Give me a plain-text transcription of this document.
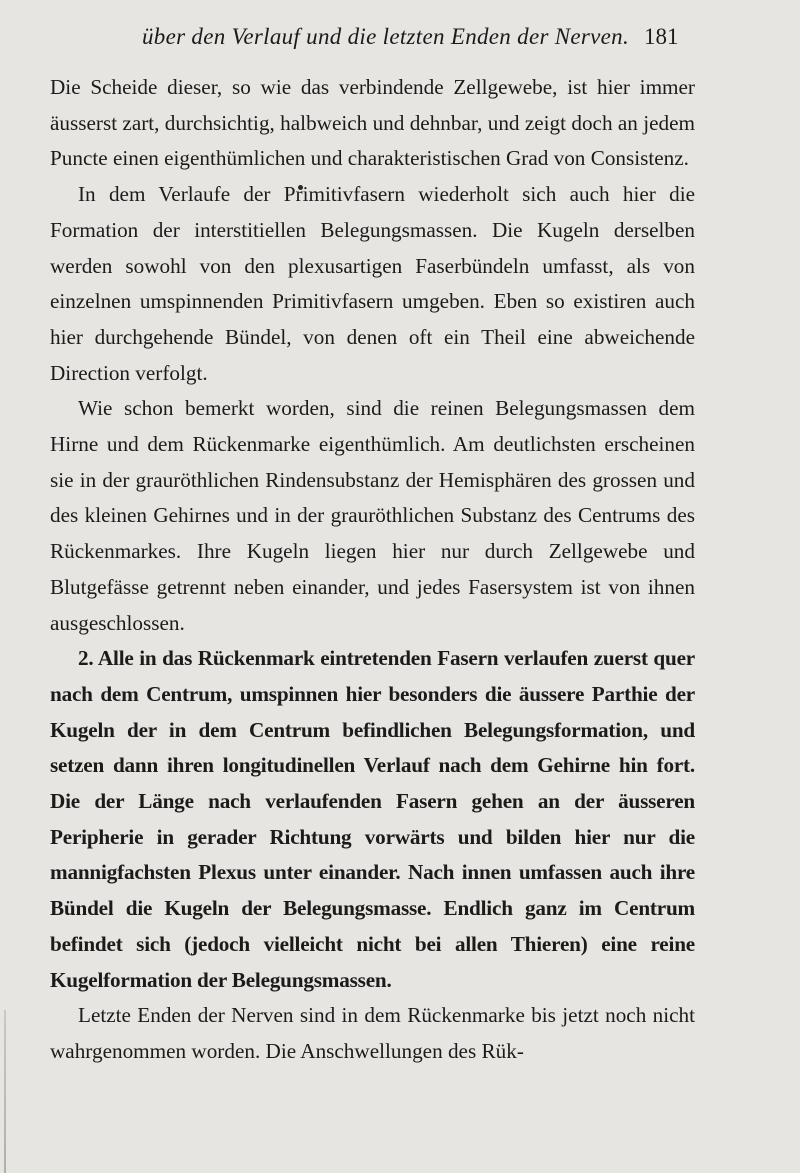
über den Verlauf und die letzten Enden der Nerven. 181

Die Scheide dieser, so wie das verbindende Zellgewebe, ist hier immer äusserst zart, durchsichtig, halbweich und dehnbar, und zeigt doch an jedem Puncte einen eigenthümlichen und charakteristischen Grad von Consistenz.

In dem Verlaufe der Primitivfasern wiederholt sich auch hier die Formation der interstitiellen Belegungsmassen. Die Kugeln derselben werden sowohl von den plexusartigen Faserbündeln umfasst, als von einzelnen umspinnenden Primitivfasern umgeben. Eben so existiren auch hier durchgehende Bündel, von denen oft ein Theil eine abweichende Direction verfolgt.

Wie schon bemerkt worden, sind die reinen Belegungsmassen dem Hirne und dem Rückenmarke eigenthümlich. Am deutlichsten erscheinen sie in der grauröthlichen Rindensubstanz der Hemisphären des grossen und des kleinen Gehirnes und in der grauröthlichen Substanz des Centrums des Rückenmarkes. Ihre Kugeln liegen hier nur durch Zellgewebe und Blutgefässe getrennt neben einander, und jedes Fasersystem ist von ihnen ausgeschlossen.

2. Alle in das Rückenmark eintretenden Fasern verlaufen zuerst quer nach dem Centrum, umspinnen hier besonders die äussere Parthie der Kugeln der in dem Centrum befindlichen Belegungsformation, und setzen dann ihren longitudinellen Verlauf nach dem Gehirne hin fort. Die der Länge nach verlaufenden Fasern gehen an der äusseren Peripherie in gerader Richtung vorwärts und bilden hier nur die mannigfachsten Plexus unter einander. Nach innen umfassen auch ihre Bündel die Kugeln der Belegungsmasse. Endlich ganz im Centrum befindet sich (jedoch vielleicht nicht bei allen Thieren) eine reine Kugelformation der Belegungsmassen.

Letzte Enden der Nerven sind in dem Rückenmarke bis jetzt noch nicht wahrgenommen worden. Die Anschwellungen des Rük-
